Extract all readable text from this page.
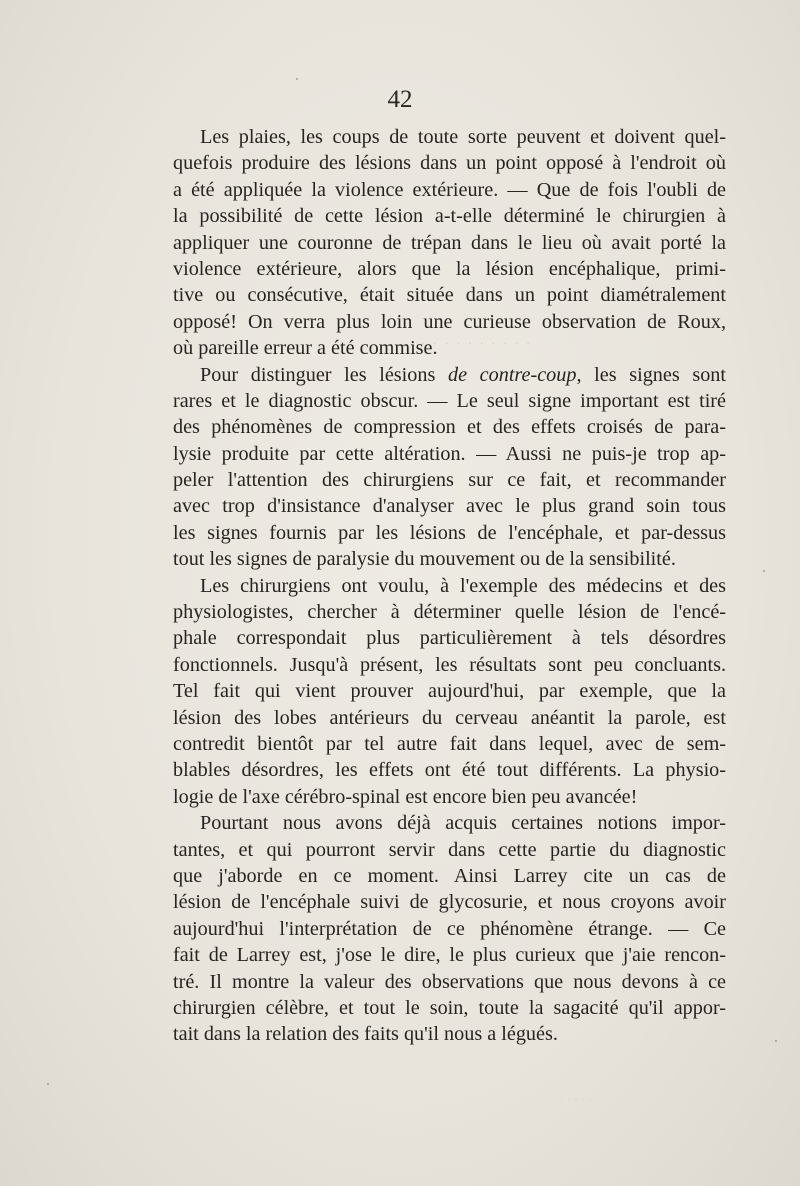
· · · · · · · · · ·
· · · · ·
42
Les plaies, les coups de toute sorte peuvent et doivent quel-
quefois produire des lésions dans un point opposé à l'endroit où
a été appliquée la violence extérieure. — Que de fois l'oubli de
la possibilité de cette lésion a-t-elle déterminé le chirurgien à
appliquer une couronne de trépan dans le lieu où avait porté la
violence extérieure, alors que la lésion encéphalique, primi-
tive ou consécutive, était située dans un point diamétralement
opposé! On verra plus loin une curieuse observation de Roux,
où pareille erreur a été commise.
Pour distinguer les lésions de contre-coup, les signes sont
rares et le diagnostic obscur. — Le seul signe important est tiré
des phénomènes de compression et des effets croisés de para-
lysie produite par cette altération. — Aussi ne puis-je trop ap-
peler l'attention des chirurgiens sur ce fait, et recommander
avec trop d'insistance d'analyser avec le plus grand soin tous
les signes fournis par les lésions de l'encéphale, et par-dessus
tout les signes de paralysie du mouvement ou de la sensibilité.
Les chirurgiens ont voulu, à l'exemple des médecins et des
physiologistes, chercher à déterminer quelle lésion de l'encé-
phale correspondait plus particulièrement à tels désordres
fonctionnels. Jusqu'à présent, les résultats sont peu concluants.
Tel fait qui vient prouver aujourd'hui, par exemple, que la
lésion des lobes antérieurs du cerveau anéantit la parole, est
contredit bientôt par tel autre fait dans lequel, avec de sem-
blables désordres, les effets ont été tout différents. La physio-
logie de l'axe cérébro-spinal est encore bien peu avancée!
Pourtant nous avons déjà acquis certaines notions impor-
tantes, et qui pourront servir dans cette partie du diagnostic
que j'aborde en ce moment. Ainsi Larrey cite un cas de
lésion de l'encéphale suivi de glycosurie, et nous croyons avoir
aujourd'hui l'interprétation de ce phénomène étrange. — Ce
fait de Larrey est, j'ose le dire, le plus curieux que j'aie rencon-
tré. Il montre la valeur des observations que nous devons à ce
chirurgien célèbre, et tout le soin, toute la sagacité qu'il appor-
tait dans la relation des faits qu'il nous a légués.
